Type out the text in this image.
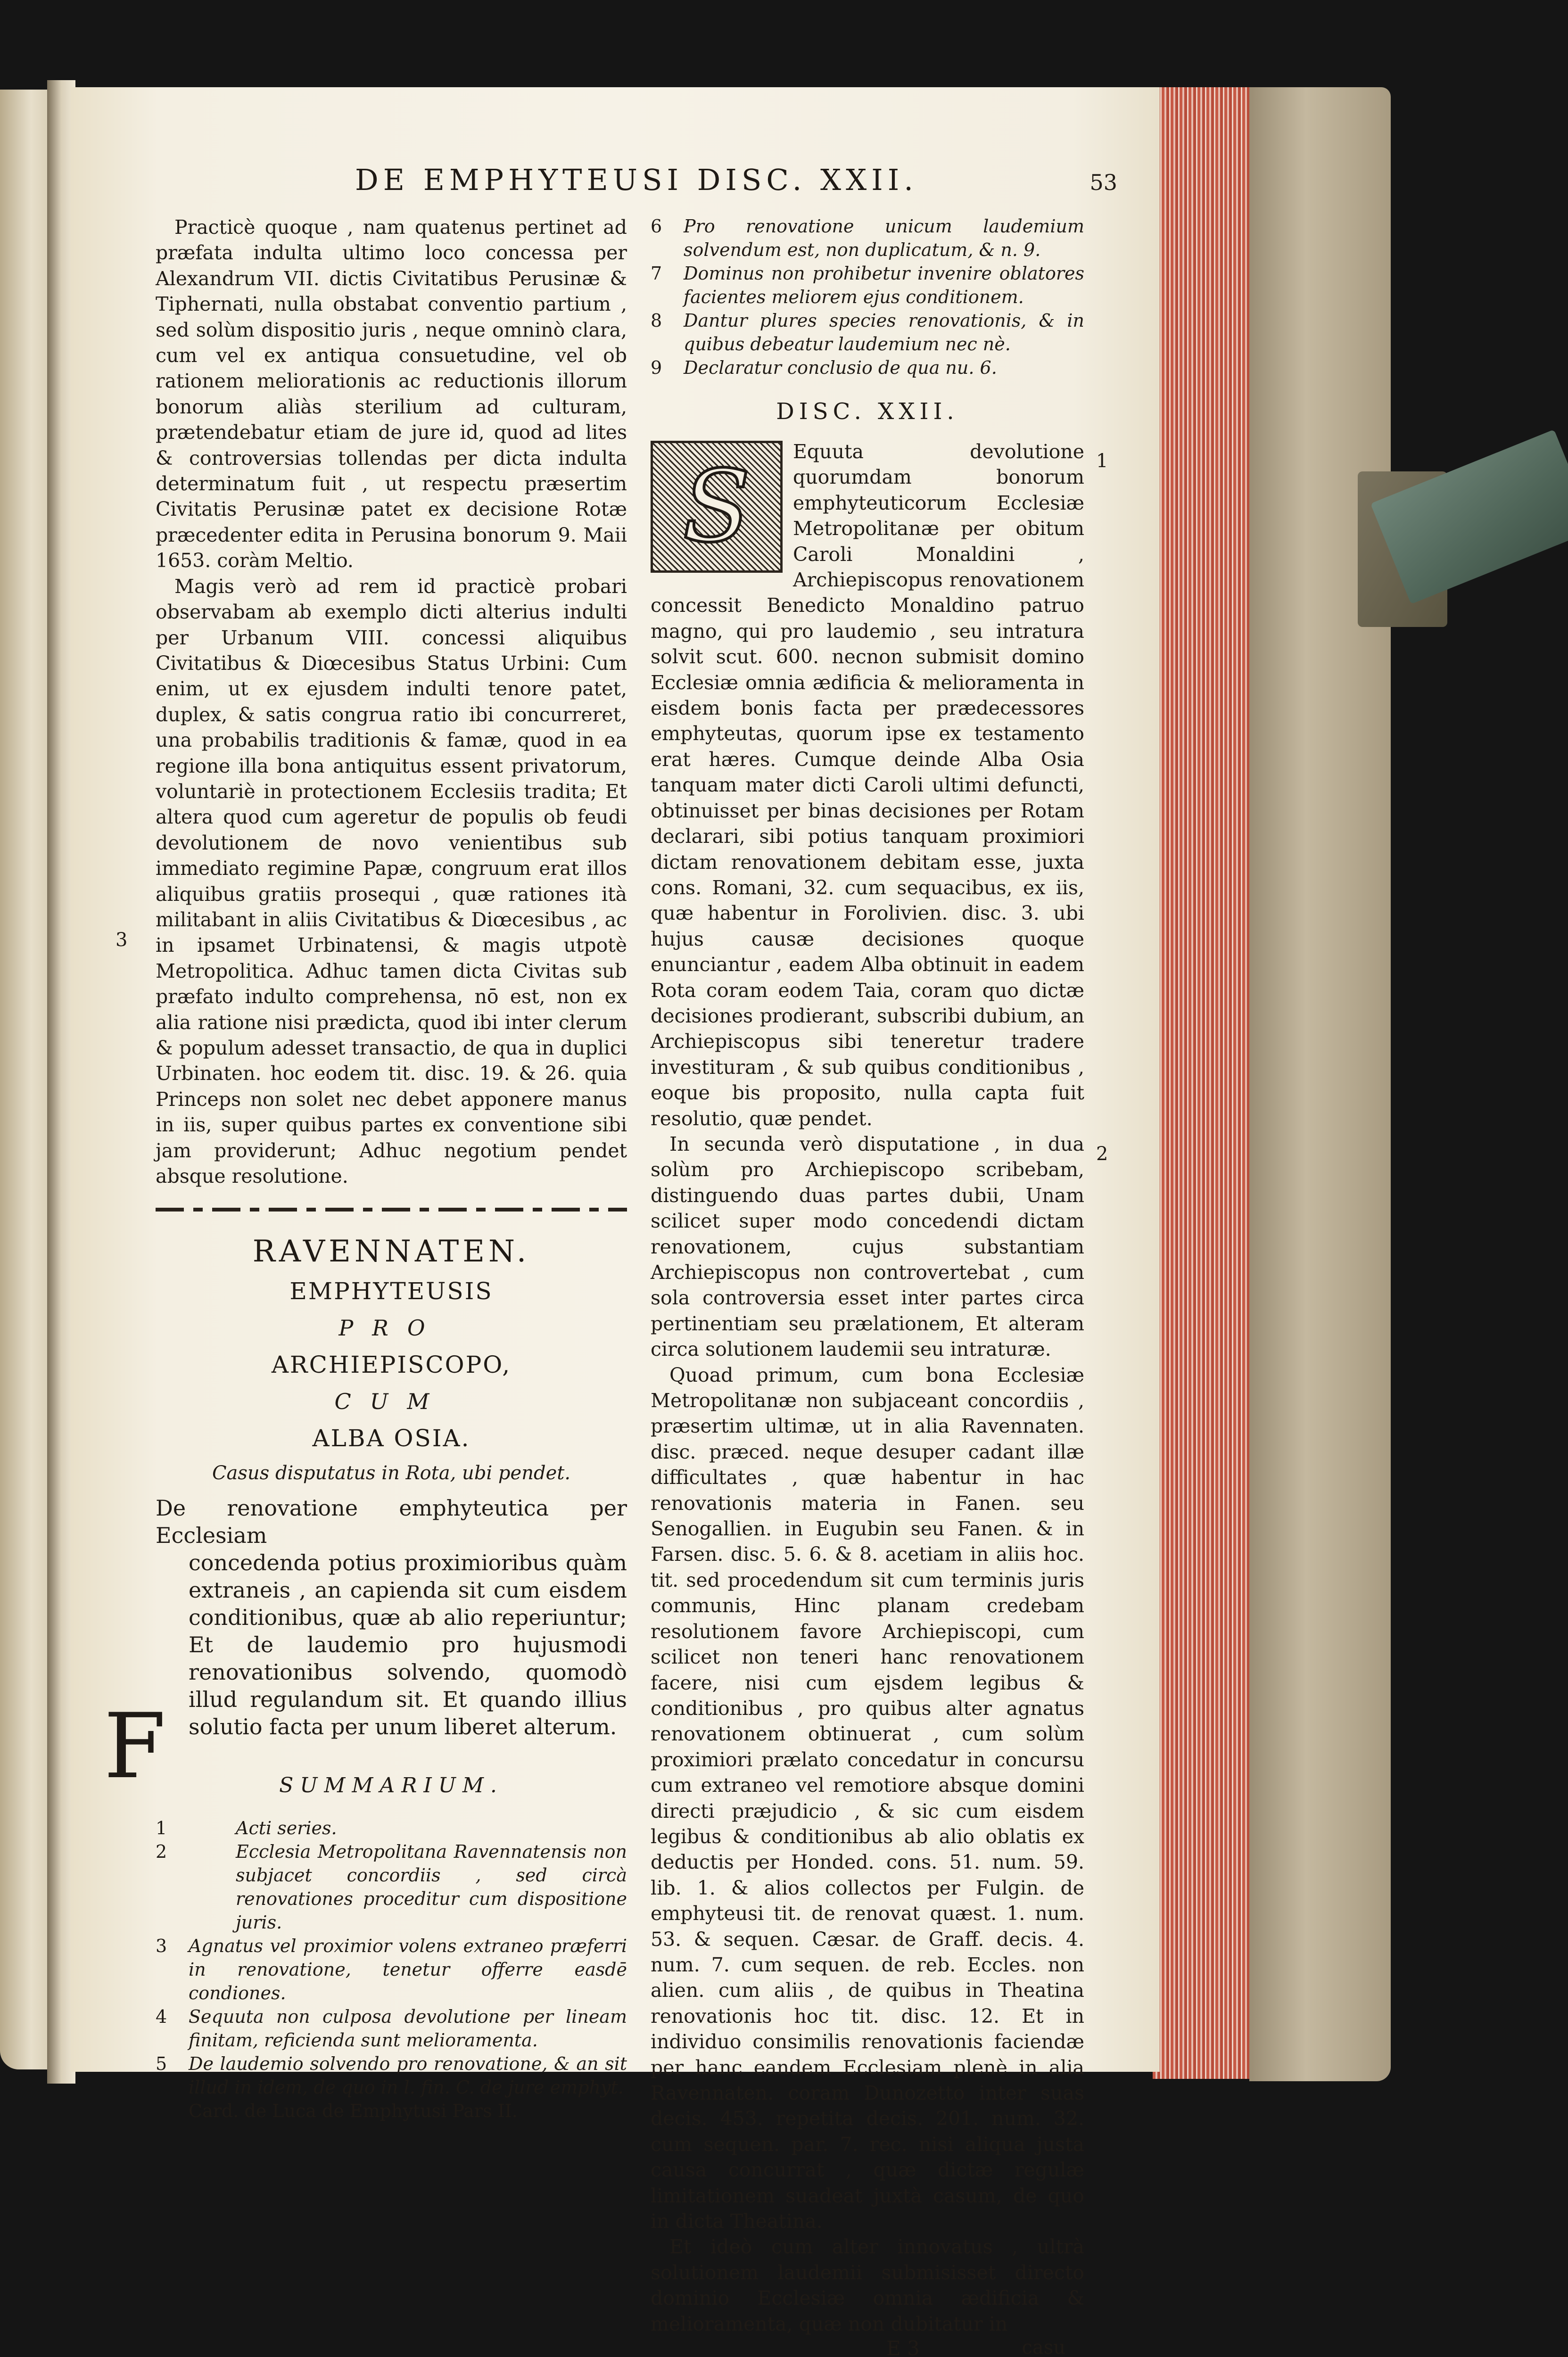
DE EMPHYTEUSI DISC. XXII.	53

Practicè quoque , nam quatenus pertinet ad præfata indulta ultimo loco concessa per Alexandrum VII. dictis Civitatibus Perusinæ & Tiphernati, nulla obstabat conventio partium , sed solùm dispositio juris , neque omninò clara, cum vel ex antiqua consuetudine, vel ob rationem meliorationis ac reductionis illorum bonorum aliàs sterilium ad culturam, prætendebatur etiam de jure id, quod ad lites & controversias tollendas per dicta indulta determinatum fuit , ut respectu præsertim Civitatis Perusinæ patet ex decisione Rotæ præcedenter edita in Perusina bonorum 9. Maii 1653. coràm Meltio.

3

Magis verò ad rem id practicè probari observabam ab exemplo dicti alterius indulti per Urbanum VIII. concessi aliquibus Civitatibus & Diœcesibus Status Urbini: Cum enim, ut ex ejusdem indulti tenore patet, duplex, & satis congrua ratio ibi concurreret, una probabilis traditionis & famæ, quod in ea regione illa bona antiquitus essent privatorum, voluntariè in protectionem Ecclesiis tradita; Et altera quod cum ageretur de populis ob feudi devolutionem de novo venientibus sub immediato regimine Papæ, congruum erat illos aliquibus gratiis prosequi , quæ rationes ità militabant in aliis Civitatibus & Diœcesibus , ac in ipsamet Urbinatensi, & magis utpotè Metropolitica. Adhuc tamen dicta Civitas sub præfato indulto comprehensa, nō est, non ex alia ratione nisi prædicta, quod ibi inter clerum & populum adesset transactio, de qua in duplici Urbinaten. hoc eodem tit. disc. 19. & 26. quia Princeps non solet nec debet apponere manus in iis, super quibus partes ex conventione sibi jam providerunt; Adhuc negotium pendet absque resolutione.

RAVENNATEN.

EMPHYTEUSIS

PRO

ARCHIEPISCOPO,

CUM

ALBA OSIA.

Casus disputatus in Rota, ubi pendet.

De renovatione emphyteutica per Ecclesiam
concedenda potius proximioribus quàm extraneis , an capienda sit cum eisdem conditionibus, quæ ab alio reperiuntur; Et de laudemio pro hujusmodi renovationibus solvendo, quomodò illud regulandum sit. Et quando illius solutio facta per unum liberet alterum.

SUMMARIUM.

1	Acti series.
2	Ecclesia Metropolitana Ravennatensis non subjacet concordiis , sed circà renovationes proceditur cum dispositione juris.
3 Agnatus vel proximior volens extraneo præferri in renovatione, tenetur offerre easdē condiones.
4 Sequuta non culposa devolutione per lineam finitam, reficienda sunt melioramenta.
5 De laudemio solvendo pro renovatione, & an sit illud in idem, de quo in l. fin. C. de jure emphyt.
Card. de Luca de Emphytusi Pars II.
F
6 Pro renovatione unicum laudemium solvendum est, non duplicatum, & n. 9.
7 Dominus non prohibetur invenire oblatores facientes meliorem ejus conditionem.
8 Dantur plures species renovationis, & in quibus debeatur laudemium nec nè.
9 Declaratur conclusio de qua nu. 6.

DISC. XXII.

1
2
S	Equuta devolutione quorumdam bonorum emphyteuticorum Ecclesiæ Metropolitanæ per obitum Caroli Monaldini , Archiepiscopus renovationem concessit Benedicto Monaldino patruo magno, qui pro laudemio , seu intratura solvit scut. 600. necnon submisit domino Ecclesiæ omnia ædificia & melioramenta in eisdem bonis facta per prædecessores emphyteutas, quorum ipse ex testamento erat hæres. Cumque deinde Alba Osia tanquam mater dicti Caroli ultimi defuncti, obtinuisset per binas decisiones per Rotam declarari, sibi potius tanquam proximiori dictam renovationem debitam esse, juxta cons. Romani, 32. cum sequacibus, ex iis, quæ habentur in Forolivien. disc. 3. ubi hujus causæ decisiones quoque enunciantur , eadem Alba obtinuit in eadem Rota coram eodem Taia, coram quo dictæ decisiones prodierant, subscribi dubium, an Archiepiscopus sibi teneretur tradere investituram , & sub quibus conditionibus , eoque bis proposito, nulla capta fuit resolutio, quæ pendet.

In secunda verò disputatione , in dua solùm pro Archiepiscopo scribebam, distinguendo duas partes dubii, Unam scilicet super modo concedendi dictam renovationem, cujus substantiam Archiepiscopus non controvertebat , cum sola controversia esset inter partes circa pertinentiam seu prælationem, Et alteram circa solutionem laudemii seu intraturæ.

Quoad primum, cum bona Ecclesiæ Metropolitanæ non subjaceant concordiis , præsertim ultimæ, ut in alia Ravennaten. disc. præced. neque desuper cadant illæ difficultates , quæ habentur in hac renovationis materia in Fanen. seu Senogallien. in Eugubin seu Fanen. & in Farsen. disc. 5. 6. & 8. acetiam in aliis hoc. tit. sed procedendum sit cum terminis juris communis, Hinc planam credebam resolutionem favore Archiepiscopi, cum scilicet non teneri hanc renovationem facere, nisi cum ejsdem legibus & conditionibus , pro quibus alter agnatus renovationem obtinuerat , cum solùm proximiori prælato concedatur in concursu cum extraneo vel remotiore absque domini directi præjudicio , & sic cum eisdem legibus & conditionibus ab alio oblatis ex deductis per Honded. cons. 51. num. 59. lib. 1. & alios collectos per Fulgin. de emphyteusi tit. de renovat quæst. 1. num. 53. & sequen. Cæsar. de Graff. decis. 4. num. 7. cum sequen. de reb. Eccles. non alien. cum aliis , de quibus in Theatina renovationis hoc tit. disc. 12. Et in individuo consimilis renovationis faciendæ per hanc eandem Ecclesiam plenè in alia Ravennaten. coram Dunozetto inter suas decis. 453. repetita decis. 201. num. 32. cum sequen. par. 7. rec. nisi aliqua justa causa concurrat , quæ dictæ regulæ limitationem suadeat juxtà casum, de quo in dicta Theatina.

Et ideò cum alter innovatus , ultrà solutionem laudemii submisisset directo dominio Ecclesiæ omnia ædificia & melioramenta, quæ non dubitatur in

E 3	casu
